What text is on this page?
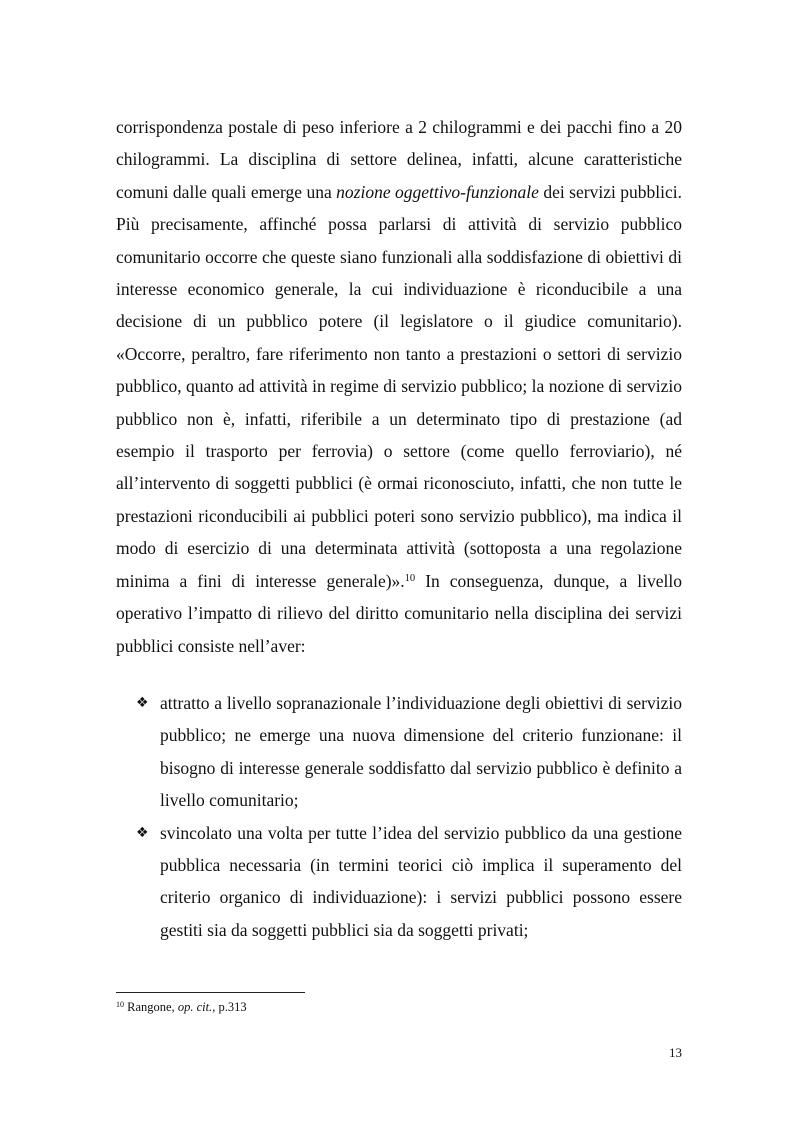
corrispondenza postale di peso inferiore a 2 chilogrammi e dei pacchi fino a 20 chilogrammi. La disciplina di settore delinea, infatti, alcune caratteristiche comuni dalle quali emerge una nozione oggettivo-funzionale dei servizi pubblici. Più precisamente, affinché possa parlarsi di attività di servizio pubblico comunitario occorre che queste siano funzionali alla soddisfazione di obiettivi di interesse economico generale, la cui individuazione è riconducibile a una decisione di un pubblico potere (il legislatore o il giudice comunitario). «Occorre, peraltro, fare riferimento non tanto a prestazioni o settori di servizio pubblico, quanto ad attività in regime di servizio pubblico; la nozione di servizio pubblico non è, infatti, riferibile a un determinato tipo di prestazione (ad esempio il trasporto per ferrovia) o settore (come quello ferroviario), né all’intervento di soggetti pubblici (è ormai riconosciuto, infatti, che non tutte le prestazioni riconducibili ai pubblici poteri sono servizio pubblico), ma indica il modo di esercizio di una determinata attività (sottoposta a una regolazione minima a fini di interesse generale)».$^{10}$ In conseguenza, dunque, a livello operativo l’impatto di rilievo del diritto comunitario nella disciplina dei servizi pubblici consiste nell’aver:

❖ attratto a livello sopranazionale l’individuazione degli obiettivi di servizio pubblico; ne emerge una nuova dimensione del criterio funzionane: il bisogno di interesse generale soddisfatto dal servizio pubblico è definito a livello comunitario;
❖ svincolato una volta per tutte l’idea del servizio pubblico da una gestione pubblica necessaria (in termini teorici ciò implica il superamento del criterio organico di individuazione): i servizi pubblici possono essere gestiti sia da soggetti pubblici sia da soggetti privati;
$^{10}$ Rangone, op. cit., p.313
13
